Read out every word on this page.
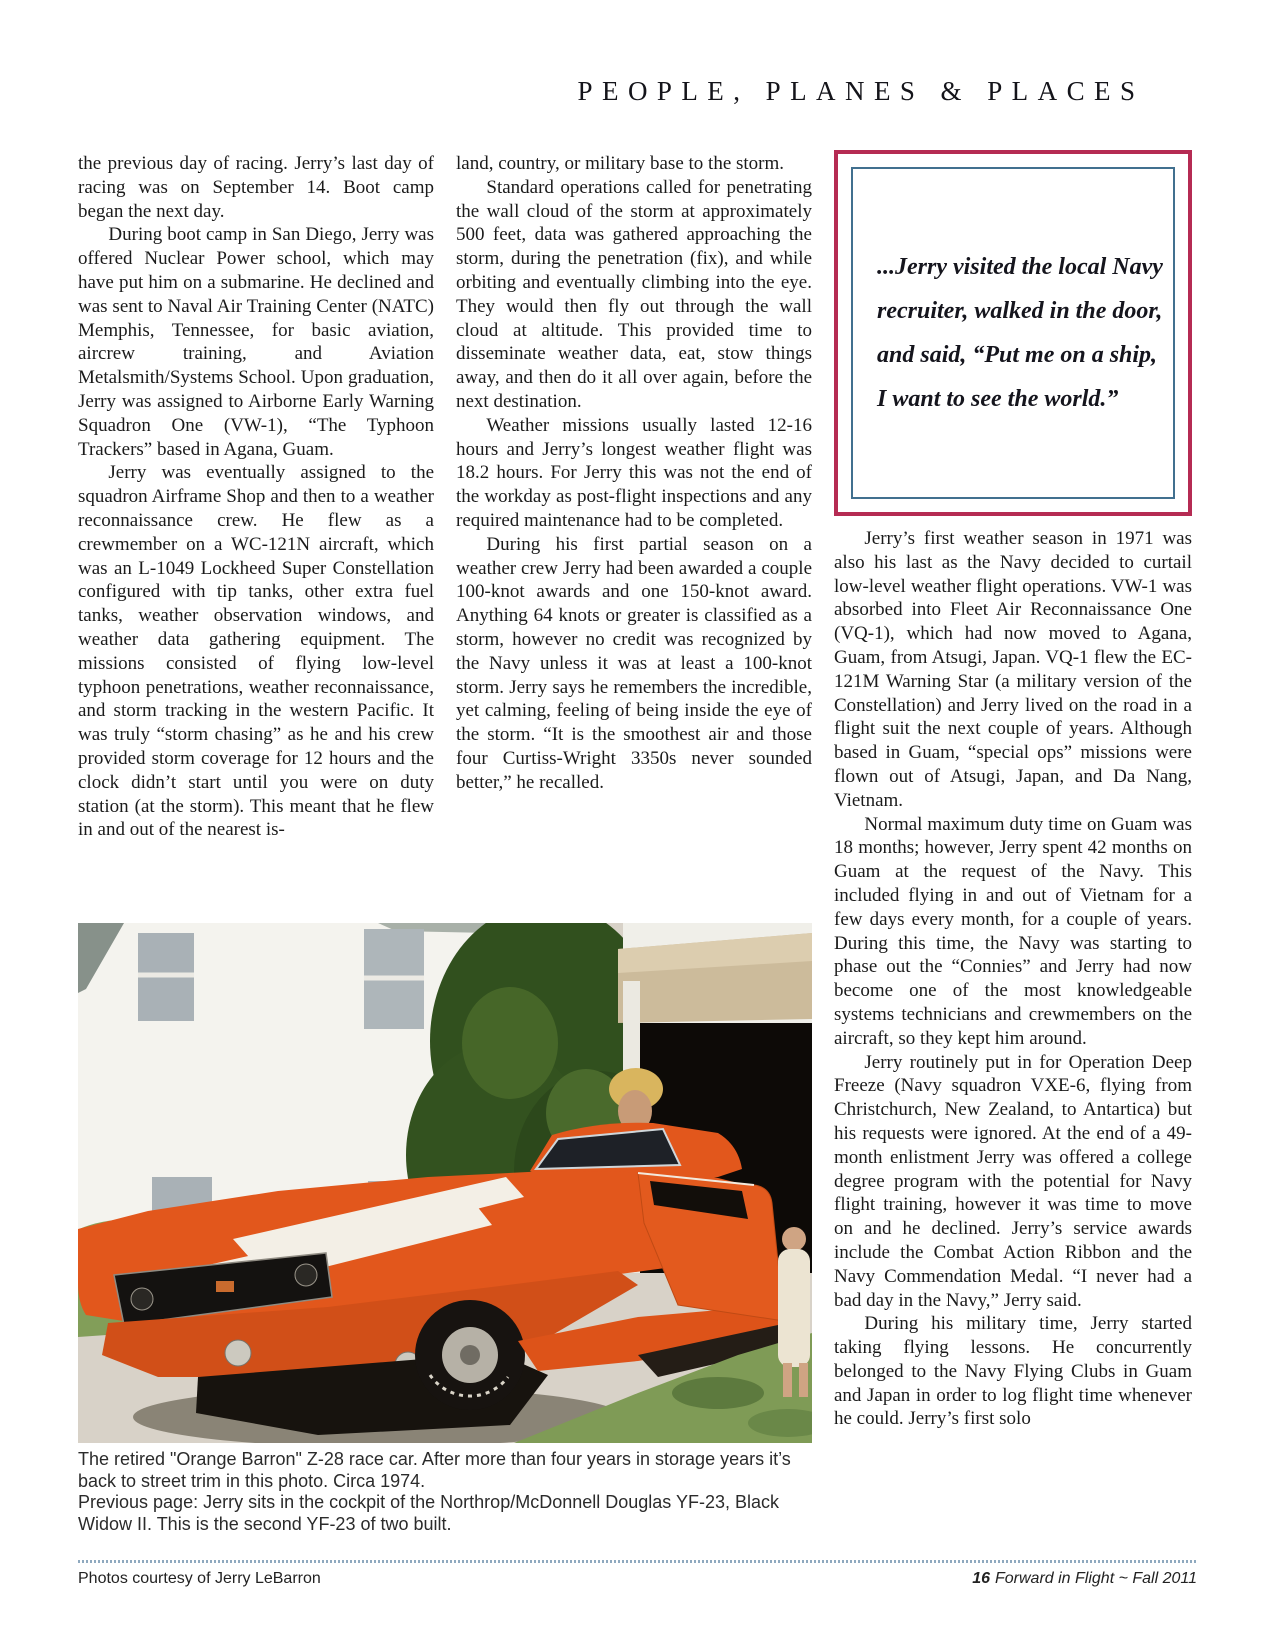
PEOPLE, PLANES & PLACES

the previous day of racing. Jerry’s last day of racing was on September 14. Boot camp began the next day.

During boot camp in San Diego, Jerry was offered Nuclear Power school, which may have put him on a submarine. He declined and was sent to Naval Air Training Center (NATC) Memphis, Tennessee, for basic aviation, aircrew training, and Aviation Metalsmith/Systems School. Upon graduation, Jerry was assigned to Airborne Early Warning Squadron One (VW-1), “The Typhoon Trackers” based in Agana, Guam.

Jerry was eventually assigned to the squadron Airframe Shop and then to a weather reconnaissance crew. He flew as a crewmember on a WC-121N aircraft, which was an L-1049 Lockheed Super Constellation configured with tip tanks, other extra fuel tanks, weather observation windows, and weather data gathering equipment. The missions consisted of flying low-level typhoon penetrations, weather reconnaissance, and storm tracking in the western Pacific. It was truly “storm chasing” as he and his crew provided storm coverage for 12 hours and the clock didn’t start until you were on duty station (at the storm). This meant that he flew in and out of the nearest is-

land, country, or military base to the storm.

Standard operations called for penetrating the wall cloud of the storm at approximately 500 feet, data was gathered approaching the storm, during the penetration (fix), and while orbiting and eventually climbing into the eye. They would then fly out through the wall cloud at altitude. This provided time to disseminate weather data, eat, stow things away, and then do it all over again, before the next destination.

Weather missions usually lasted 12-16 hours and Jerry’s longest weather flight was 18.2 hours. For Jerry this was not the end of the workday as post-flight inspections and any required maintenance had to be completed.

During his first partial season on a weather crew Jerry had been awarded a couple 100-knot awards and one 150-knot award. Anything 64 knots or greater is classified as a storm, however no credit was recognized by the Navy unless it was at least a 100-knot storm. Jerry says he remembers the incredible, yet calming, feeling of being inside the eye of the storm. “It is the smoothest air and those four Curtiss-Wright 3350s never sounded better,” he recalled.

...Jerry visited the local Navy
recruiter, walked in the door,
and said, “Put me on a ship,
I want to see the world.”

Jerry’s first weather season in 1971 was also his last as the Navy decided to curtail low-level weather flight operations. VW-1 was absorbed into Fleet Air Reconnaissance One (VQ-1), which had now moved to Agana, Guam, from Atsugi, Japan. VQ-1 flew the EC-121M Warning Star (a military version of the Constellation) and Jerry lived on the road in a flight suit the next couple of years. Although based in Guam, “special ops” missions were flown out of Atsugi, Japan, and Da Nang, Vietnam.

Normal maximum duty time on Guam was 18 months; however, Jerry spent 42 months on Guam at the request of the Navy. This included flying in and out of Vietnam for a few days every month, for a couple of years. During this time, the Navy was starting to phase out the “Connies” and Jerry had now become one of the most knowledgeable systems technicians and crewmembers on the aircraft, so they kept him around.

Jerry routinely put in for Operation Deep Freeze (Navy squadron VXE-6, flying from Christchurch, New Zealand, to Antartica) but his requests were ignored. At the end of a 49-month enlistment Jerry was offered a college degree program with the potential for Navy flight training, however it was time to move on and he declined. Jerry’s service awards include the Combat Action Ribbon and the Navy Commendation Medal. “I never had a bad day in the Navy,” Jerry said.

During his military time, Jerry started taking flying lessons. He concurrently belonged to the Navy Flying Clubs in Guam and Japan in order to log flight time whenever he could. Jerry’s first solo

The retired "Orange Barron" Z-28 race car. After more than four years in storage years it’s back to street trim in this photo. Circa 1974.

Previous page: Jerry sits in the cockpit of the Northrop/McDonnell Douglas YF-23, Black Widow II. This is the second YF-23 of two built.

Photos courtesy of Jerry LeBarron	16 Forward in Flight ~ Fall 2011
